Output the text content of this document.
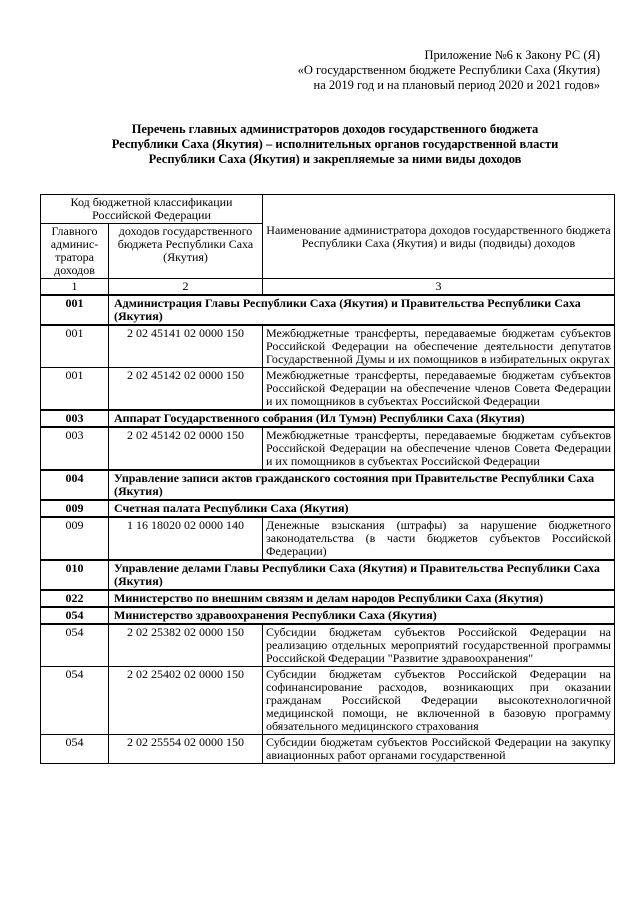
Приложение №6 к Закону РС (Я)
«О государственном бюджете Республики Саха (Якутия)
на 2019 год и на плановый период 2020 и 2021 годов»
Перечень главных администраторов доходов государственного бюджета
Республики Саха (Якутия) – исполнительных органов государственной власти
Республики Саха (Якутия) и закрепляемые за ними виды доходов
Код бюджетной классификации Российской Федерации		Наименование администратора доходов государственного бюджета Республики Саха (Якутия) и виды (подвиды) доходов
Главного админис-тратора доходов	доходов государственного бюджета Республики Саха (Якутия)	
1	2	3
001	Администрация Главы Республики Саха (Якутия) и Правительства Республики Саха (Якутия)	
001	2 02 45141 02 0000 150	Межбюджетные трансферты, передаваемые бюджетам субъектов Российской Федерации на обеспечение деятельности депутатов Государственной Думы и их помощников в избирательных округах
001	2 02 45142 02 0000 150	Межбюджетные трансферты, передаваемые бюджетам субъектов Российской Федерации на обеспечение членов Совета Федерации и их помощников в субъектах Российской Федерации
003	Аппарат Государственного собрания (Ил Тумэн) Республики Саха (Якутия)	
003	2 02 45142 02 0000 150	Межбюджетные трансферты, передаваемые бюджетам субъектов Российской Федерации на обеспечение членов Совета Федерации и их помощников в субъектах Российской Федерации
004	Управление записи актов гражданского состояния при Правительстве Республики Саха (Якутия)	
009	Счетная палата Республики Саха (Якутия)	
009	1 16 18020 02 0000 140	Денежные взыскания (штрафы) за нарушение бюджетного законодательства (в части бюджетов субъектов Российской Федерации)
010	Управление делами Главы Республики Саха (Якутия) и Правительства Республики Саха (Якутия)	
022	Министерство по внешним связям и делам народов Республики Саха (Якутия)	
054	Министерство здравоохранения Республики Саха (Якутия)	
054	2 02 25382 02 0000 150	Субсидии бюджетам субъектов Российской Федерации на реализацию отдельных мероприятий государственной программы Российской Федерации "Развитие здравоохранения"
054	2 02 25402 02 0000 150	Субсидии бюджетам субъектов Российской Федерации на софинансирование расходов, возникающих при оказании гражданам Российской Федерации высокотехнологичной медицинской помощи, не включенной в базовую программу обязательного медицинского страхования
054	2 02 25554 02 0000 150	Субсидии бюджетам субъектов Российской Федерации на закупку авиационных работ органами государственной
